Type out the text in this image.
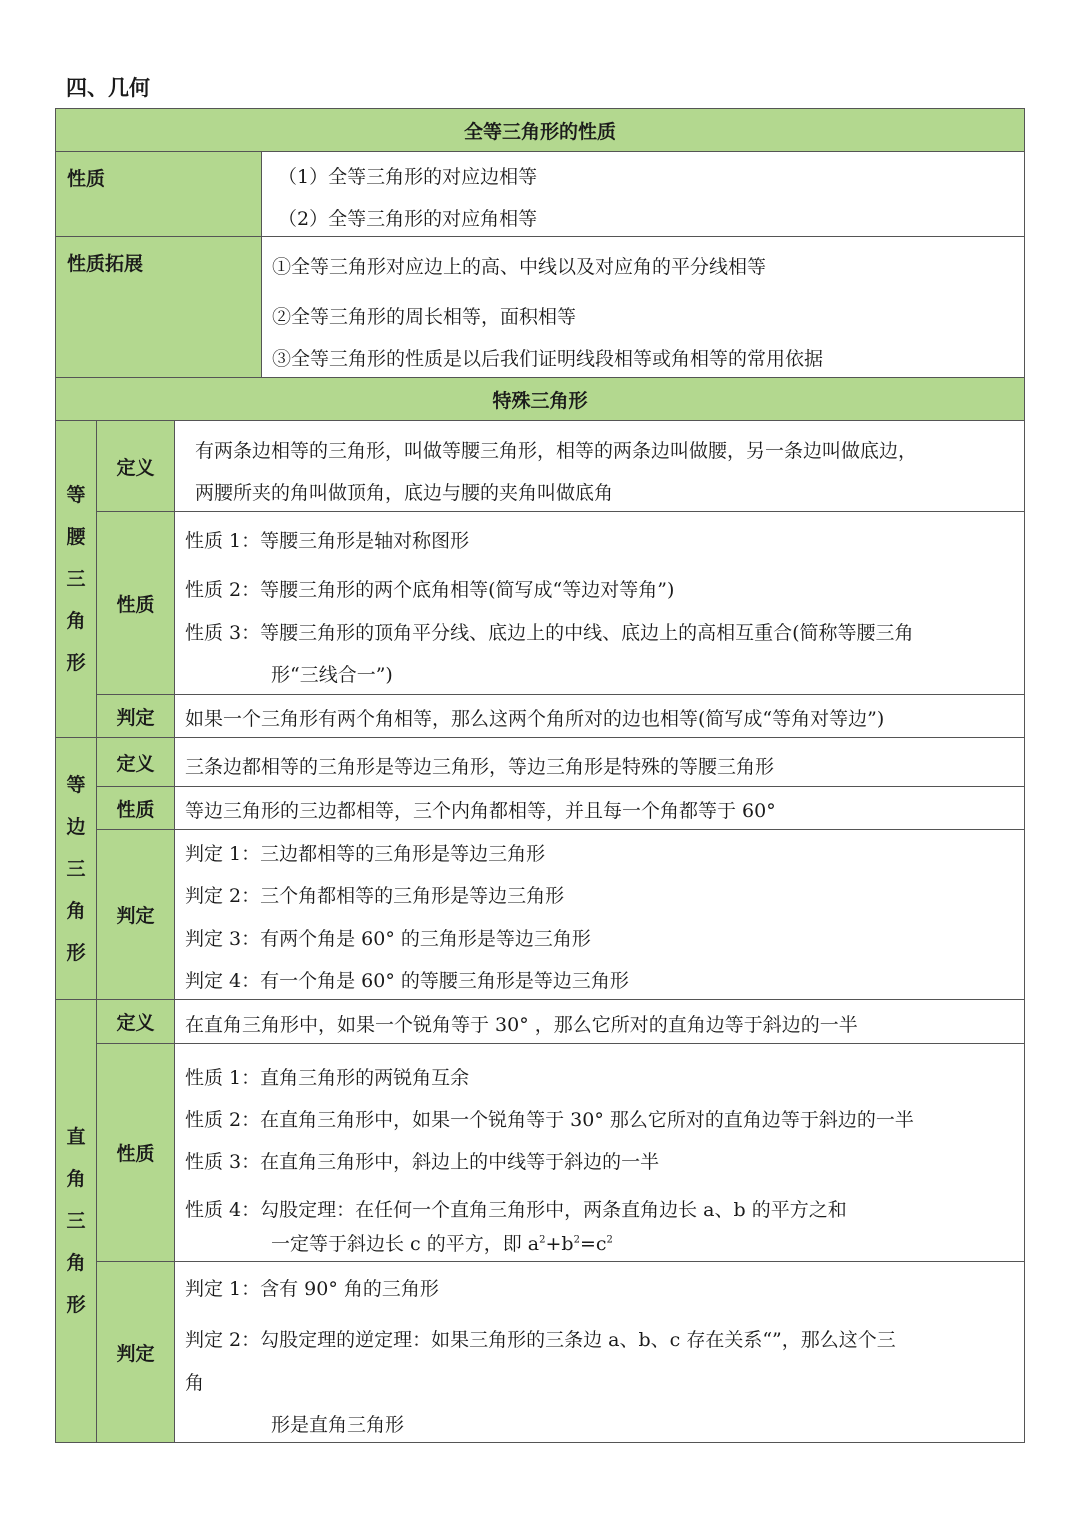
四、几何
全等三角形的性质
性质	（1）全等三角形的对应边相等
（2）全等三角形的对应角相等
性质拓展	①全等三角形对应边上的高、中线以及对应角的平分线相等
②全等三角形的周长相等，面积相等
③全等三角形的性质是以后我们证明线段相等或角相等的常用依据
特殊三角形
等
腰
三
角
形
定义
有两条边相等的三角形，叫做等腰三角形，相等的两条边叫做腰，另一条边叫做底边，
两腰所夹的角叫做顶角，底边与腰的夹角叫做底角
性质
性质 1：等腰三角形是轴对称图形
性质 2：等腰三角形的两个底角相等(简写成“等边对等角”)
性质 3：等腰三角形的顶角平分线、底边上的中线、底边上的高相互重合(简称等腰三角
形“三线合一”)
判定 如果一个三角形有两个角相等，那么这两个角所对的边也相等(简写成“等角对等边”)
等
边
三
角
形
定义 三条边都相等的三角形是等边三角形，等边三角形是特殊的等腰三角形
性质 等边三角形的三边都相等，三个内角都相等，并且每一个角都等于 60°
判定
判定 1：三边都相等的三角形是等边三角形
判定 2：三个角都相等的三角形是等边三角形
判定 3：有两个角是 60° 的三角形是等边三角形
判定 4：有一个角是 60° 的等腰三角形是等边三角形
直
角
三
角
形
定义 在直角三角形中，如果一个锐角等于 30° ，那么它所对的直角边等于斜边的一半
性质
性质 1：直角三角形的两锐角互余
性质 2：在直角三角形中，如果一个锐角等于 30° 那么它所对的直角边等于斜边的一半
性质 3：在直角三角形中，斜边上的中线等于斜边的一半
性质 4：勾股定理：在任何一个直角三角形中，两条直角边长 a、b 的平方之和
一定等于斜边长 c 的平方，即 $a^2+b^2=c^2$
判定
判定 1：含有 90° 角的三角形
判定 2：勾股定理的逆定理：如果三角形的三条边 a、b、c 存在关系“”，那么这个三
角
形是直角三角形
